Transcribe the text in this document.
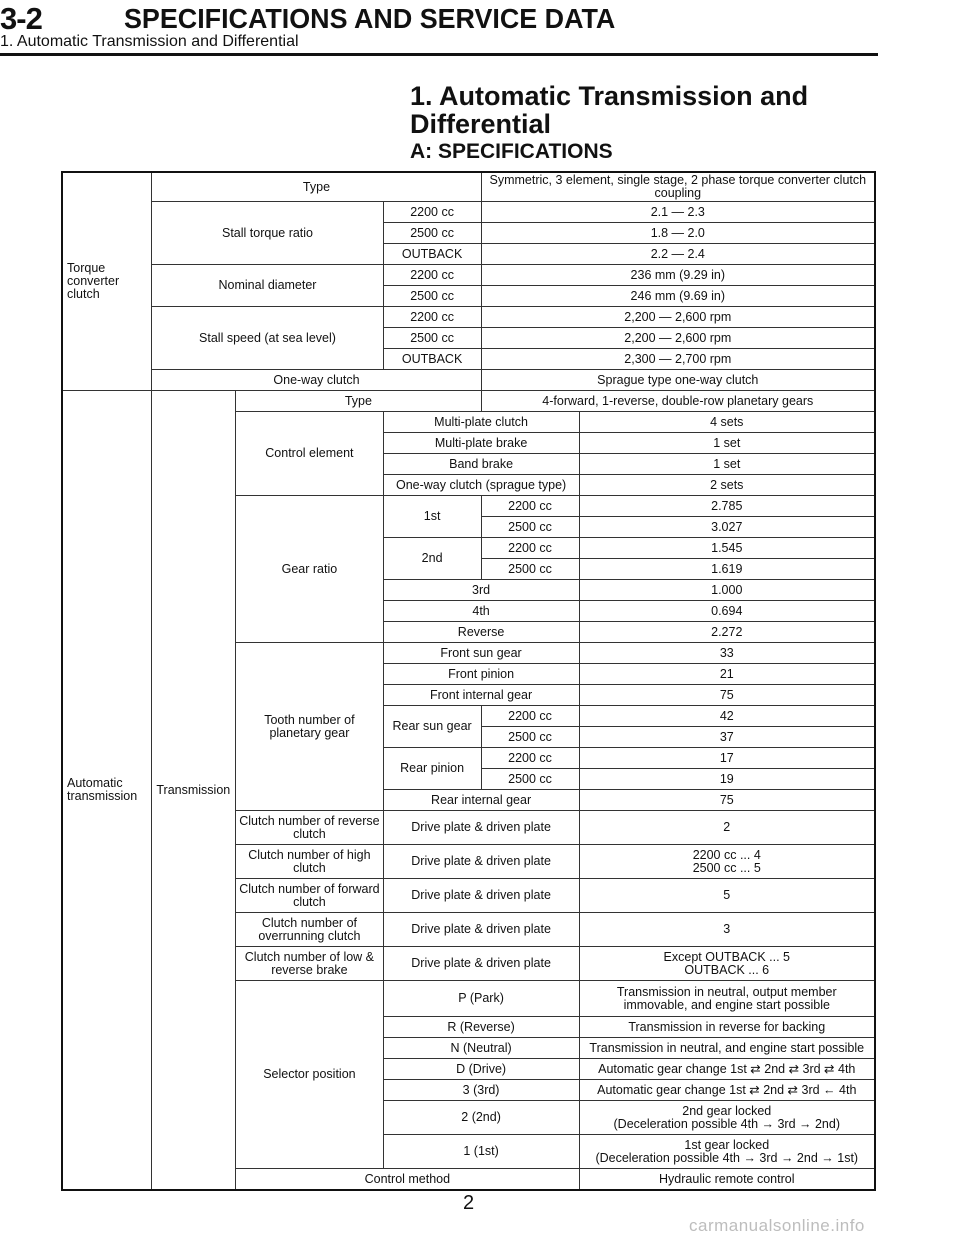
3-2	SPECIFICATIONS AND SERVICE DATA
1. Automatic Transmission and Differential
1. Automatic Transmission and
Differential
A: SPECIFICATIONS
Torque converter clutch	Type			Symmetric, 3 element, single stage, 2 phase torque converter clutch coupling	
	Stall torque ratio		2200 cc	2.1 — 2.3	
			2500 cc	1.8 — 2.0	
			OUTBACK	2.2 — 2.4	
	Nominal diameter		2200 cc	236 mm (9.29 in)	
			2500 cc	246 mm (9.69 in)	
	Stall speed (at sea level)		2200 cc	2,200 — 2,600 rpm	
			2500 cc	2,200 — 2,600 rpm	
			OUTBACK	2,300 — 2,700 rpm	
	One-way clutch			Sprague type one-way clutch	
Automatic transmission	Transmission	Type		4-forward, 1-reverse, double-row planetary gears	
		Control element	Multi-plate clutch		4 sets
			Multi-plate brake		1 set
			Band brake		1 set
			One-way clutch (sprague type)		2 sets
		Gear ratio	1st	2200 cc	2.785
				2500 cc	3.027
			2nd	2200 cc	1.545
				2500 cc	1.619
			3rd		1.000
			4th		0.694
			Reverse		2.272
		Tooth number of planetary gear	Front sun gear		33
			Front pinion		21
			Front internal gear		75
			Rear sun gear	2200 cc	42
				2500 cc	37
			Rear pinion	2200 cc	17
				2500 cc	19
			Rear internal gear		75
		Clutch number of reverse clutch	Drive plate & driven plate		2
		Clutch number of high clutch	Drive plate & driven plate		2200 cc ... 4
2500 cc ... 5

		Clutch number of forward clutch	Drive plate & driven plate		5
		Clutch number of overrunning clutch	Drive plate & driven plate		3
		Clutch number of low & reverse brake	Drive plate & driven plate		Except OUTBACK ... 5
OUTBACK ... 6

		Selector position	P (Park)		Transmission in neutral, output member
immovable, and engine start possible

			R (Reverse)		Transmission in reverse for backing
			N (Neutral)		Transmission in neutral, and engine start possible
			D (Drive)		Automatic gear change 1st ⇄ 2nd ⇄ 3rd ⇄ 4th
			3 (3rd)		Automatic gear change 1st ⇄ 2nd ⇄ 3rd ← 4th
			2 (2nd)		2nd gear locked
(Deceleration possible 4th → 3rd → 2nd)

			1 (1st)		1st gear locked
(Deceleration possible 4th → 3rd → 2nd → 1st)

		Control method			Hydraulic remote control
2
carmanualsonline.info
